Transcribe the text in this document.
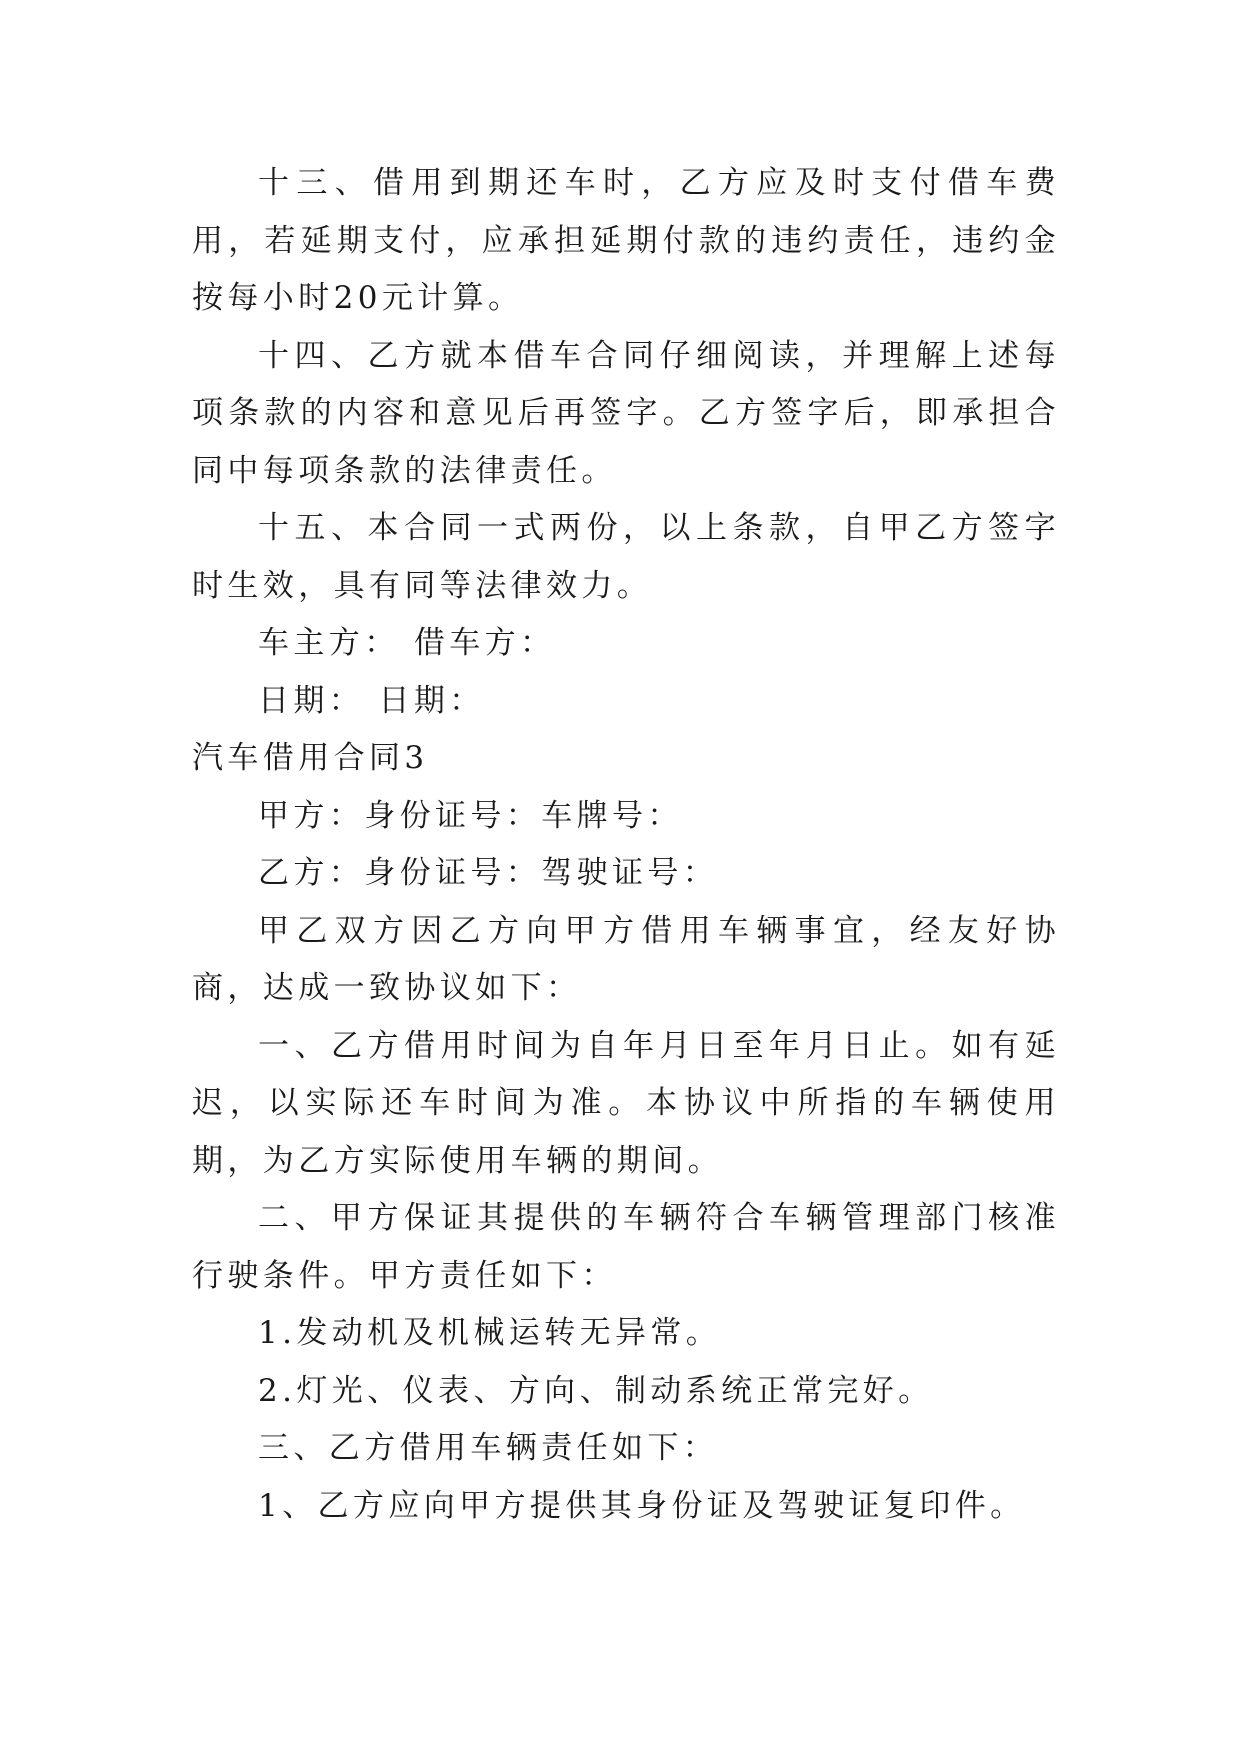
十三、借用到期还车时，乙方应及时支付借车费用，若延期支付，应承担延期付款的违约责任，违约金按每小时20元计算。

十四、乙方就本借车合同仔细阅读，并理解上述每项条款的内容和意见后再签字。乙方签字后，即承担合同中每项条款的法律责任。

十五、本合同一式两份，以上条款，自甲乙方签字时生效，具有同等法律效力。

车主方： 借车方：

日期： 日期：

汽车借用合同3

甲方：身份证号：车牌号：

乙方：身份证号：驾驶证号：

甲乙双方因乙方向甲方借用车辆事宜，经友好协商，达成一致协议如下：

一、乙方借用时间为自年月日至年月日止。如有延迟，以实际还车时间为准。本协议中所指的车辆使用期，为乙方实际使用车辆的期间。

二、甲方保证其提供的车辆符合车辆管理部门核准行驶条件。甲方责任如下：

1.发动机及机械运转无异常。

2.灯光、仪表、方向、制动系统正常完好。

三、乙方借用车辆责任如下：

1、乙方应向甲方提供其身份证及驾驶证复印件。
